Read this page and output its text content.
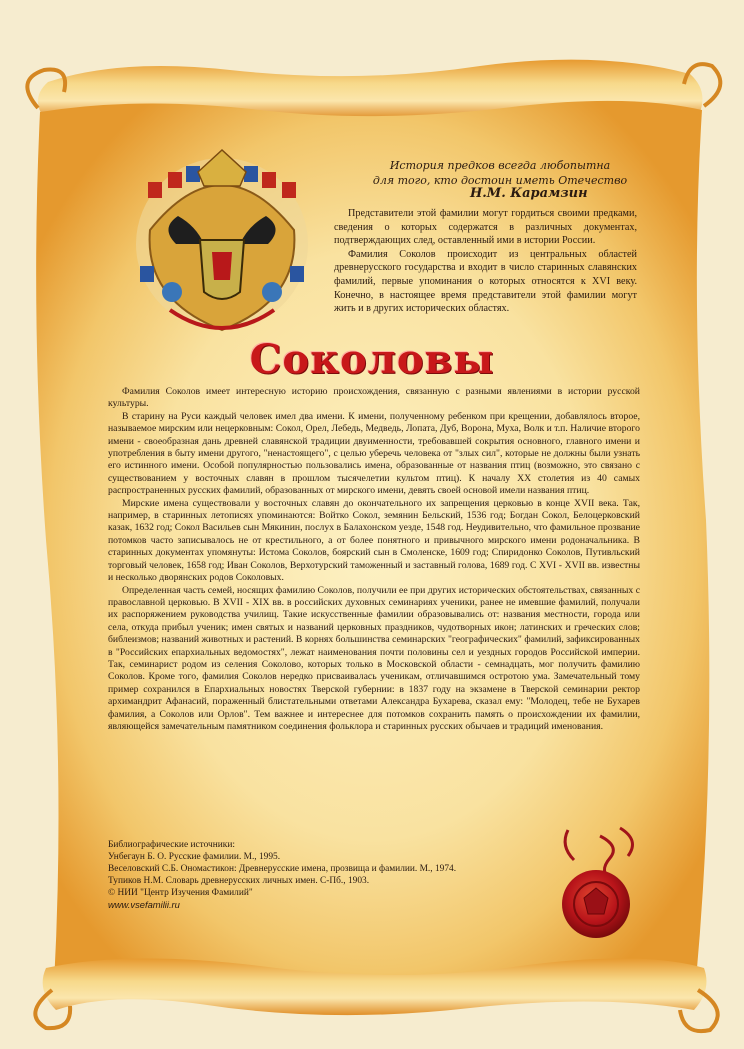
История предков всегда любопытна
для того, кто достоин иметь Отечество
Н.М. Карамзин

Представители этой фамилии могут гордиться своими предками, сведения о которых содержатся в различных документах, подтверждающих след, оставленный ими в истории России.

Фамилия Соколов происходит из центральных областей древнерусского государства и входит в число старинных славянских фамилий, первые упоминания о которых относятся к XVI веку. Конечно, в настоящее время представители этой фамилии могут жить и в других исторических областях.

Соколовы

Фамилия Соколов имеет интересную историю происхождения, связанную с разными явлениями в истории русской культуры.

В старину на Руси каждый человек имел два имени. К имени, полученному ребенком при крещении, добавлялось второе, называемое мирским или нецерковным: Сокол, Орел, Лебедь, Медведь, Лопата, Дуб, Ворона, Муха, Волк и т.п. Наличие второго имени - своеобразная дань древней славянской традиции двуименности, требовавшей сокрытия основного, главного имени и употребления в быту имени другого, "ненастоящего", с целью уберечь человека от "злых сил", которые не должны были узнать его истинного имени. Особой популярностью пользовались имена, образованные от названия птиц (возможно, это связано с существованием у восточных славян в прошлом тысячелетии культом птиц). К началу XX столетия из 40 самых распространенных русских фамилий, образованных от мирского имени, девять своей основой имели названия птиц.

Мирские имена существовали у восточных славян до окончательного их запрещения церковью в конце XVII века. Так, например, в старинных летописях упоминаются: Войтко Сокол, земянин Бельский, 1536 год; Богдан Сокол, Белоцерковский казак, 1632 год; Сокол Васильев сын Мякинин, послух в Балахонском уезде, 1548 год. Неудивительно, что фамильное прозвание потомков часто записывалось не от крестильного, а от более понятного и привычного мирского имени родоначальника. В старинных документах упомянуты: Истома Соколов, боярский сын в Смоленске, 1609 год; Спиридонко Соколов, Путивльский торговый человек, 1658 год; Иван Соколов, Верхотурский таможенный и заставный голова, 1689 год. С XVI - XVII вв. известны и несколько дворянских родов Соколовых.

Определенная часть семей, носящих фамилию Соколов, получили ее при других исторических обстоятельствах, связанных с православной церковью. В XVII - XIX вв. в российских духовных семинариях ученики, ранее не имевшие фамилий, получали их распоряжением руководства училищ. Такие искусственные фамилии образовывались от: названия местности, города или села, откуда прибыл ученик; имен святых и названий церковных праздников, чудотворных икон; латинских и греческих слов; библеизмов; названий животных и растений. В корнях большинства семинарских "географических" фамилий, зафиксированных в "Российских епархиальных ведомостях", лежат наименования почти половины сел и уездных городов Российской империи. Так, семинарист родом из селения Соколово, которых только в Московской области - семнадцать, мог получить фамилию Соколов. Кроме того, фамилия Соколов нередко присваивалась ученикам, отличавшимся остротою ума. Замечательный тому пример сохранился в Епархиальных новостях Тверской губернии: в 1837 году на экзамене в Тверской семинарии ректор архимандрит Афанасий, пораженный блистательными ответами Александра Бухарева, сказал ему: "Молодец, тебе не Бухарев фамилия, а Соколов или Орлов". Тем важнее и интереснее для потомков сохранить память о происхождении их фамилии, являющейся замечательным памятником соединения фольклора и старинных русских обычаев и традиций именования.

Библиографические источники:
Унбегаун Б. О. Русские фамилии. М., 1995.
Веселовский С.Б. Ономастикон: Древнерусские имена, прозвища и фамилии. М., 1974.
Тупиков Н.М. Словарь древнерусских личных имен. С-Пб., 1903.
© НИИ "Центр Изучения Фамилий"
www.vsefamilii.ru
